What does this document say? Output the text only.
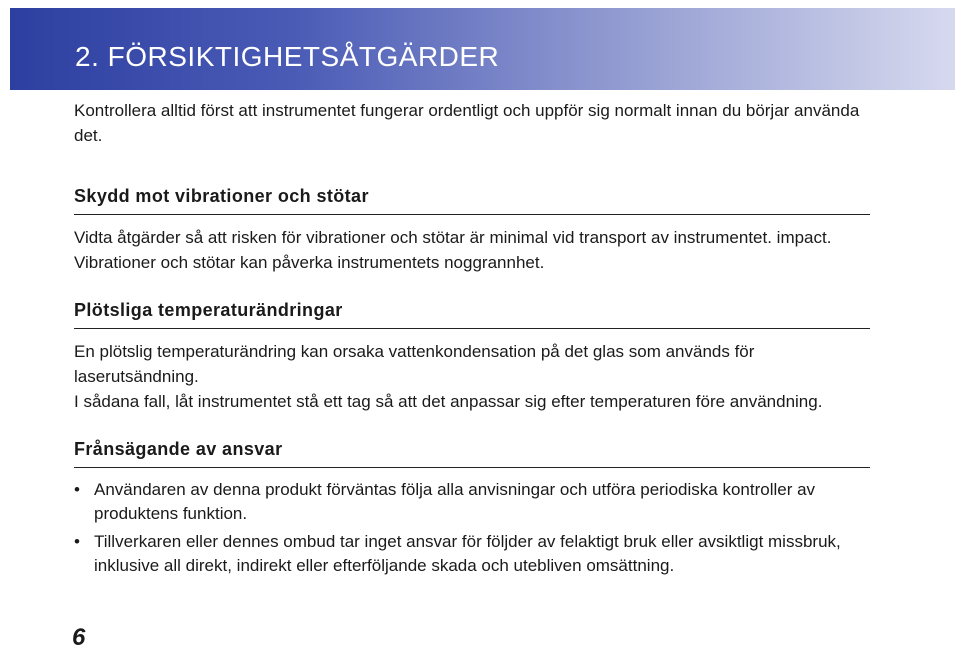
2. FÖRSIKTIGHETSÅTGÄRDER

Kontrollera alltid först att instrumentet fungerar ordentligt och uppför sig normalt innan du börjar använda det.

Skydd mot vibrationer och stötar

Vidta åtgärder så att risken för vibrationer och stötar är minimal vid transport av instrumentet. impact. Vibrationer och stötar kan påverka instrumentets noggrannhet.

Plötsliga temperaturändringar

En plötslig temperaturändring kan orsaka vattenkondensation på det glas som används för laserutsändning.

I sådana fall, låt instrumentet stå ett tag så att det anpassar sig efter temperaturen före användning.

Frånsägande av ansvar
• Användaren av denna produkt förväntas följa alla anvisningar och utföra periodiska kontroller av produktens funktion.
• Tillverkaren eller dennes ombud tar inget ansvar för följder av felaktigt bruk eller avsiktligt missbruk, inklusive all direkt, indirekt eller efterföljande skada och utebliven omsättning.

6
